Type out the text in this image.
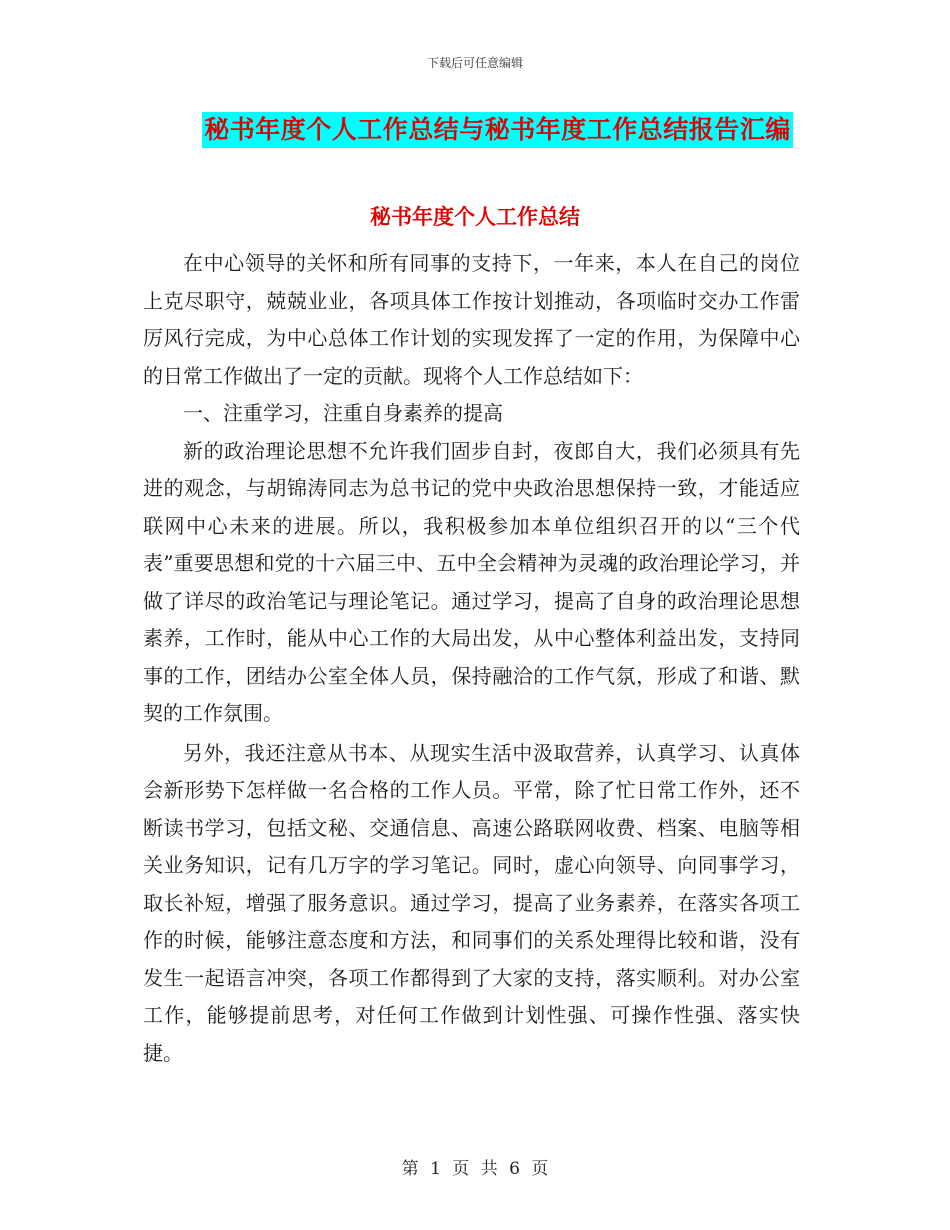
下载后可任意编辑
秘书年度个人工作总结与秘书年度工作总结报告汇编
秘书年度个人工作总结

在中心领导的关怀和所有同事的支持下，一年来，本人在自己的岗位上克尽职守，兢兢业业，各项具体工作按计划推动，各项临时交办工作雷厉风行完成，为中心总体工作计划的实现发挥了一定的作用，为保障中心的日常工作做出了一定的贡献。现将个人工作总结如下：

一、注重学习，注重自身素养的提高

新的政治理论思想不允许我们固步自封，夜郎自大，我们必须具有先进的观念，与胡锦涛同志为总书记的党中央政治思想保持一致，才能适应联网中心未来的进展。所以，我积极参加本单位组织召开的以“三个代表”重要思想和党的十六届三中、五中全会精神为灵魂的政治理论学习，并做了详尽的政治笔记与理论笔记。通过学习，提高了自身的政治理论思想素养，工作时，能从中心工作的大局出发，从中心整体利益出发，支持同事的工作，团结办公室全体人员，保持融洽的工作气氛，形成了和谐、默契的工作氛围。

另外，我还注意从书本、从现实生活中汲取营养，认真学习、认真体会新形势下怎样做一名合格的工作人员。平常，除了忙日常工作外，还不断读书学习，包括文秘、交通信息、高速公路联网收费、档案、电脑等相关业务知识，记有几万字的学习笔记。同时，虚心向领导、向同事学习，取长补短，增强了服务意识。通过学习，提高了业务素养，在落实各项工作的时候，能够注意态度和方法，和同事们的关系处理得比较和谐，没有发生一起语言冲突，各项工作都得到了大家的支持，落实顺利。对办公室工作，能够提前思考，对任何工作做到计划性强、可操作性强、落实快捷。

第 1 页 共 6 页
